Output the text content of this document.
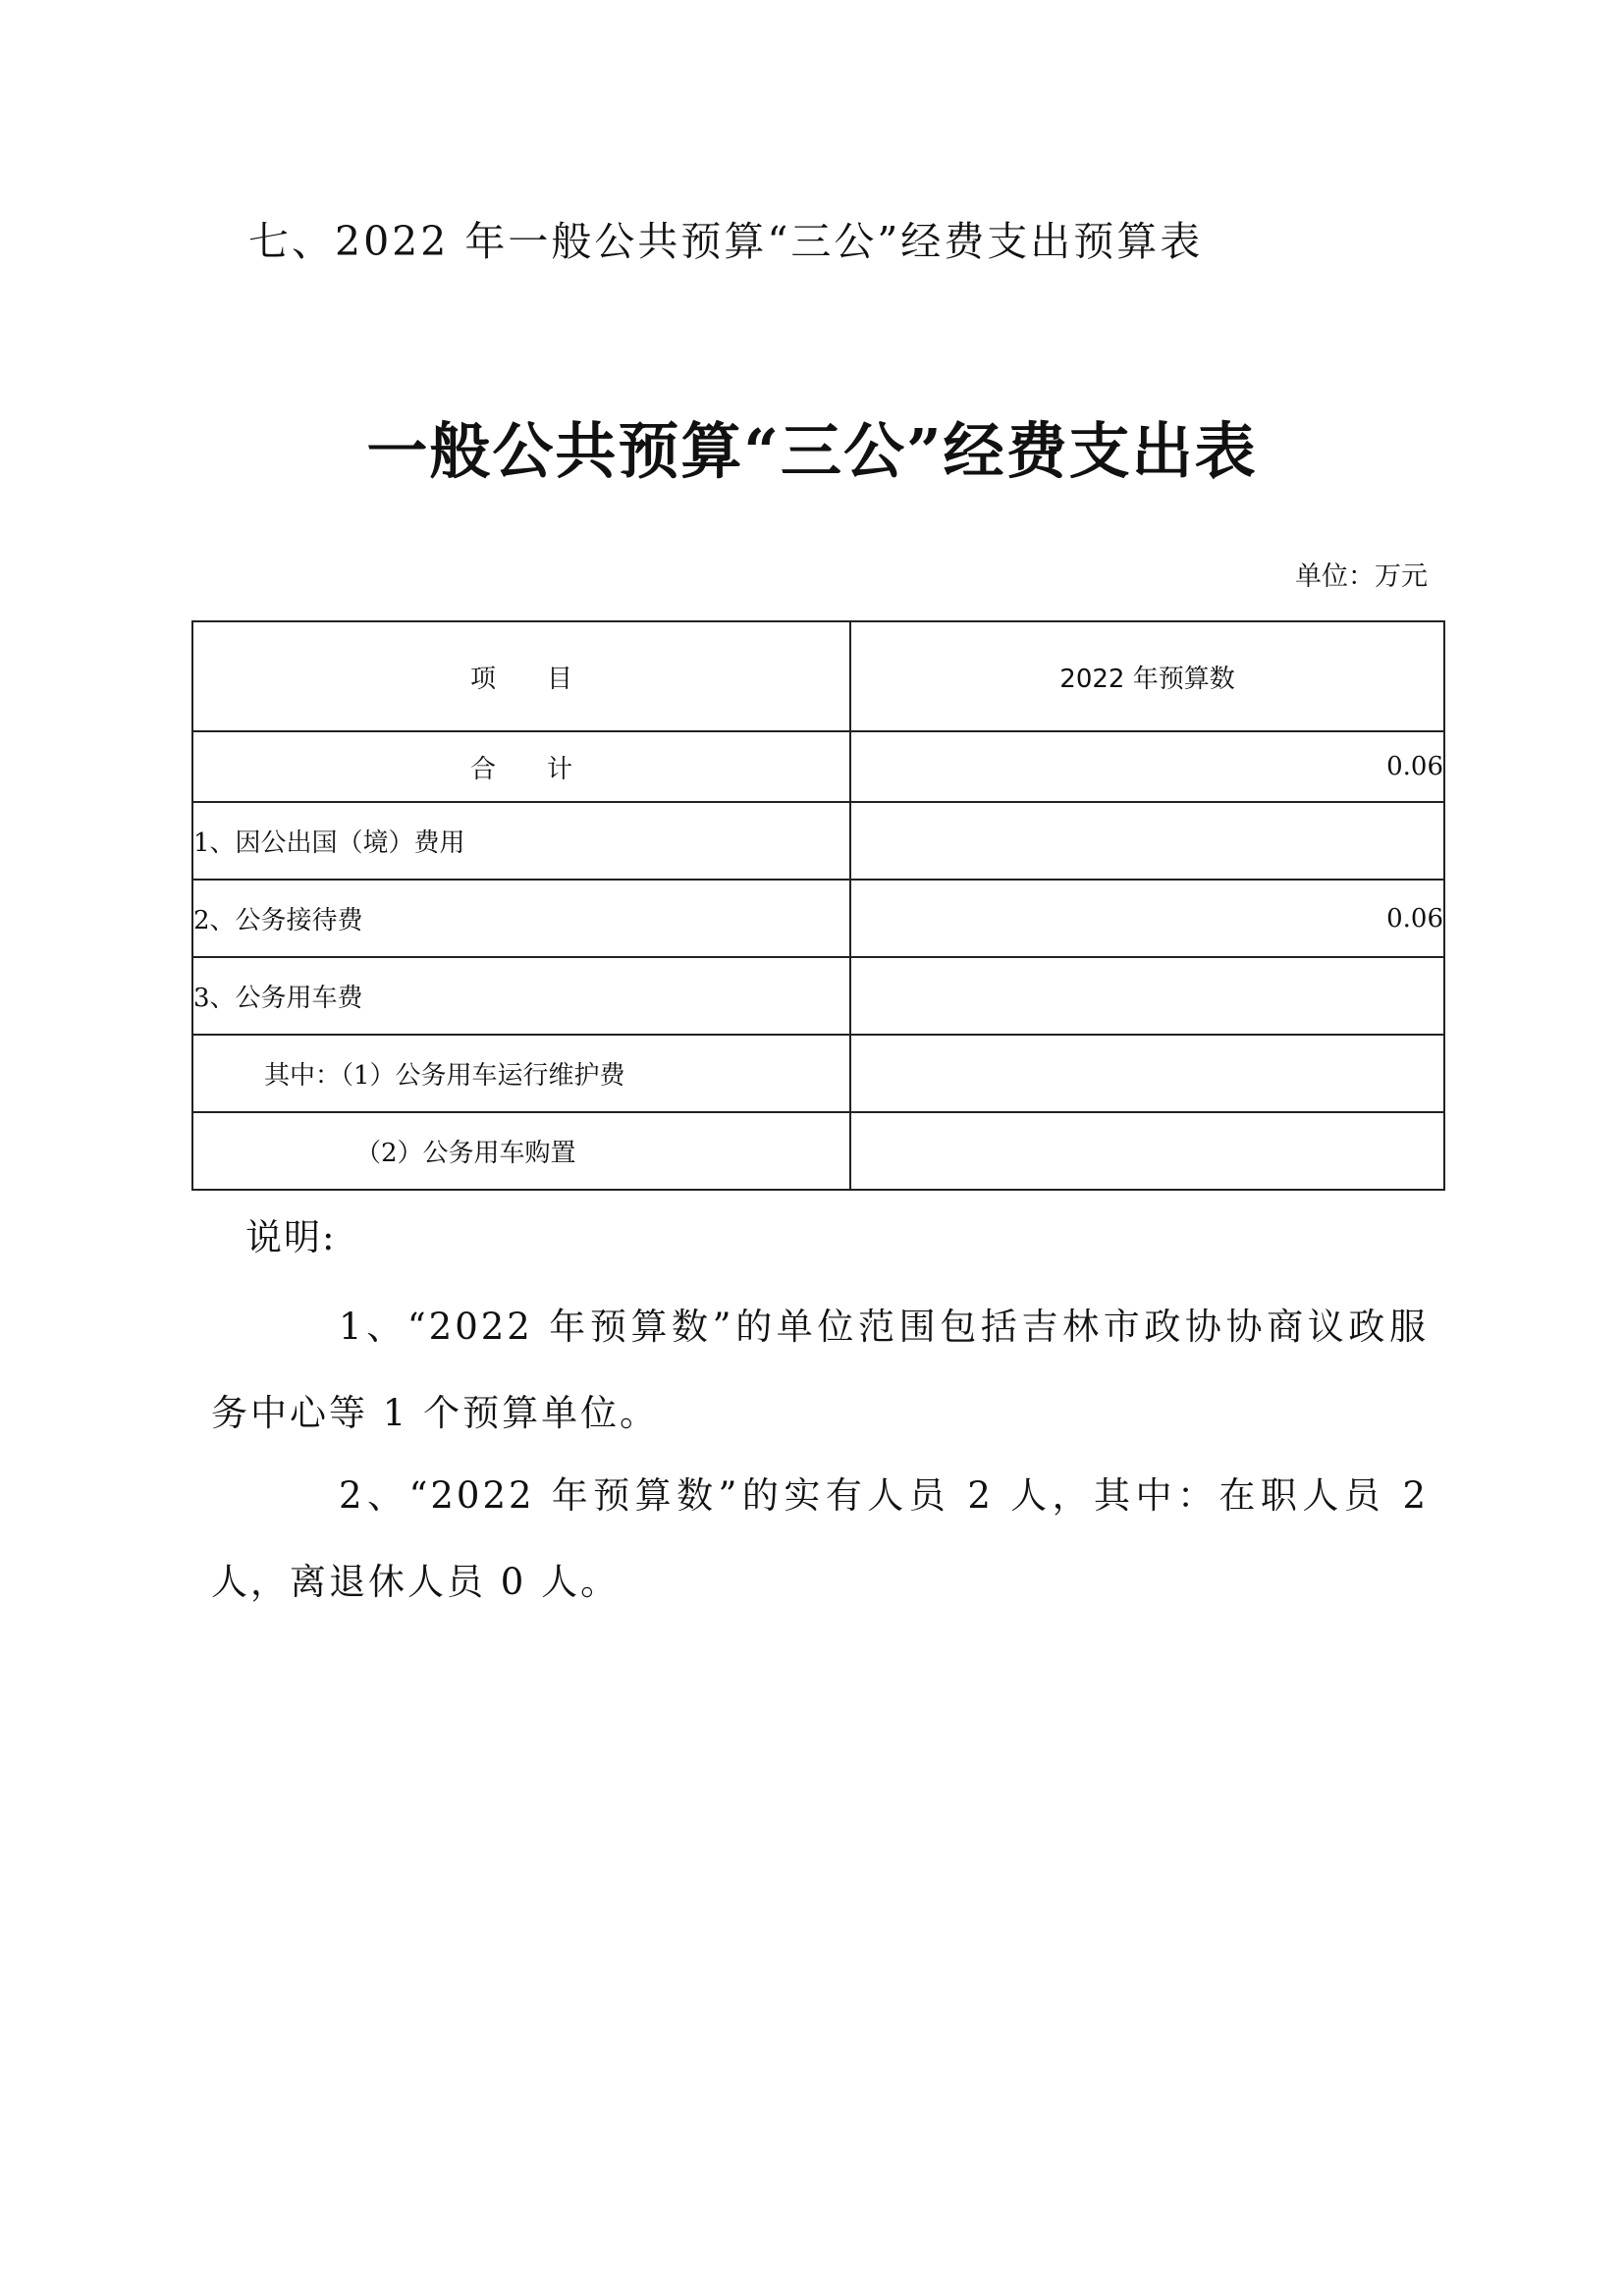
七、2022 年一般公共预算“三公”经费支出预算表
一般公共预算“三公”经费支出表
单位：万元
项　　目	2022 年预算数
合　　计	0.06
1、因公出国（境）费用	
2、公务接待费	0.06
3、公务用车费	
其中：（1）公务用车运行维护费	
（2）公务用车购置	
说明:
1、“2022 年预算数”的单位范围包括吉林市政协协商议政服务中心等 1 个预算单位。
2、“2022 年预算数”的实有人员 2 人，其中：在职人员 2 人，离退休人员 0 人。
